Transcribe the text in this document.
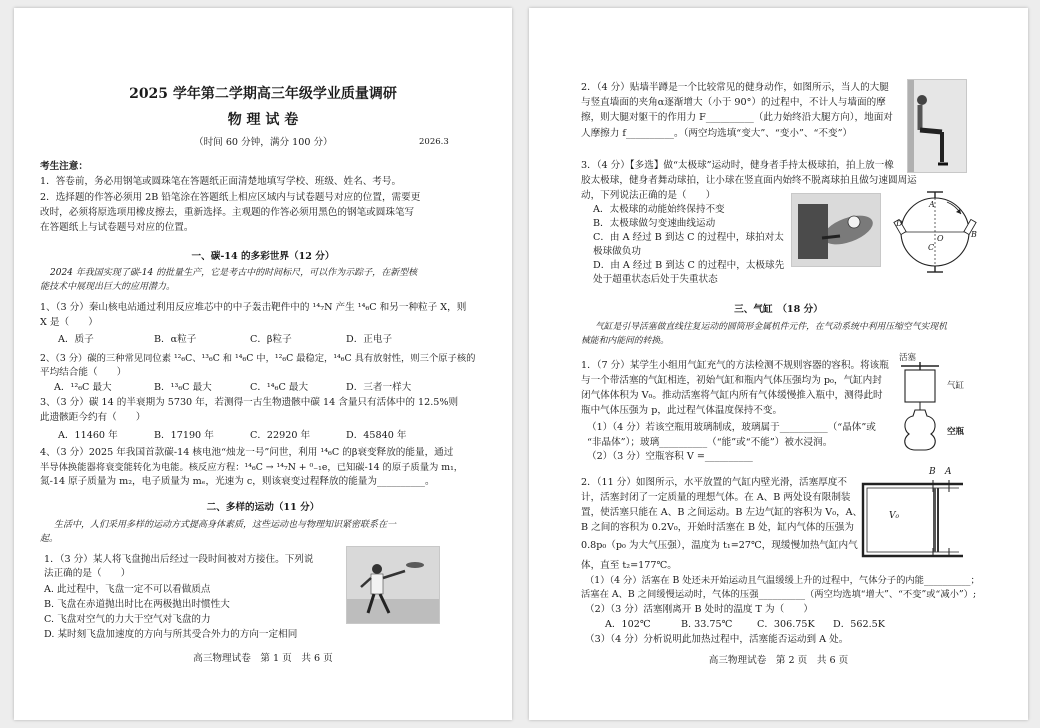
2025 学年第二学期高三年级学业质量调研
物 理 试 卷
（时间 60 分钟，满分 100 分）	2026.3
考生注意：
1．答卷前，务必用钢笔或圆珠笔在答题纸正面清楚地填写学校、班级、姓名、考号。
2．选择题的作答必须用 2B 铅笔涂在答题纸上相应区域内与试卷题号对应的位置，需要更
改时，必须将原选项用橡皮擦去，重新选择。主观题的作答必须用黑色的钢笔或圆珠笔写
在答题纸上与试卷题号对应的位置。
一、碳-14 的多彩世界（12 分）
2024 年我国实现了碳-14 的批量生产，它是考古中的时间标尺，可以作为示踪子，在新型核
能技术中展现出巨大的应用潜力。
1、（3 分）秦山核电站通过利用反应堆芯中的中子轰击靶件中的 ¹⁴₇N 产生 ¹⁴₆C 和另一种粒子 X，则
X 是（　　）
A．质子	B．α粒子	C．β粒子	D．正电子
2、（3 分）碳的三种常见同位素 ¹²₆C、¹³₆C 和 ¹⁴₆C 中，¹²₆C 最稳定，¹⁴₆C 具有放射性，则三个原子核的
平均结合能（　　）
A．¹²₆C 最大	B．¹³₆C 最大	C．¹⁴₆C 最大	D．三者一样大
3、（3 分）碳 14 的半衰期为 5730 年，若测得一古生物遗骸中碳 14 含量只有活体中的 12.5%则
此遗骸距今约有（　　）
A．11460 年	B．17190 年	C．22920 年	D．45840 年
4、（3 分）2025 年我国首款碳-14 核电池“烛龙一号”问世，利用 ¹⁴₆C 的β衰变释放的能量，通过
半导体换能器将衰变能转化为电能。核反应方程：¹⁴₆C → ¹⁴₇N + ⁰₋₁e，已知碳-14 的原子质量为 m₁，
氮-14 原子质量为 m₂，电子质量为 mₑ，光速为 c，则该衰变过程释放的能量为__________。
二、多样的运动（11 分）
生活中，人们采用多样的运动方式提高身体素质，这些运动也与物理知识紧密联系在一
起。
1．（3 分）某人将飞盘抛出后经过一段时间被对方接住。下列说
法正确的是（　　）
A. 此过程中，飞盘一定不可以看做质点
B. 飞盘在赤道抛出时比在两极抛出时惯性大
C. 飞盘对空气的力大于空气对飞盘的力
D. 某时刻飞盘加速度的方向与所其受合外力的方向一定相同
高三物理试卷　第 1 页　共 6 页
2．（4 分）贴墙半蹲是一个比较常见的健身动作，如图所示，当人的大腿
与竖直墙面的夹角α逐渐增大（小于 90°）的过程中，不计人与墙面的摩
擦，则大腿对躯干的作用力 F__________（此力始终沿大腿方向），地面对
人摩擦力 f__________。（两空均选填“变大”、“变小”、“不变”）
3．（4 分）【多选】做“太极球”运动时，健身者手持太极球拍，拍上放一橡
胶太极球，健身者舞动球拍，让小球在竖直面内始终不脱离球拍且做匀速圆周运
动，下列说法正确的是（　　）
A．太极球的动能始终保持不变
B．太极球做匀变速曲线运动
C．由 A 经过 B 到达 C 的过程中，球拍对太
极球做负功
D．由 A 经过 B 到达 C 的过程中，太极球先
处于超重状态后处于失重状态
A
B
C
D
O
三、气缸　（18 分）
气缸是引导活塞做直线往复运动的圆筒形金属机件元件，在气动系统中利用压缩空气实现机
械能和内能间的转换。
1．（7 分）某学生小组用气缸充气的方法检测不规则容器的容积。将该瓶
与一个带活塞的气缸相连，初始气缸和瓶内气体压强均为 p₀，气缸内封
闭气体体积为 V₀。推动活塞将气缸内所有气体缓慢推入瓶中，测得此时
瓶中气体压强为 p，此过程气体温度保持不变。
（1）（4 分）若该空瓶用玻璃制成，玻璃属于__________（“晶体”或
“非晶体”）；玻璃__________（“能”或“不能”）被水浸润。
（2）（3 分）空瓶容积 V =__________
活塞
气缸
空瓶
2．（11 分）如图所示，水平放置的气缸内壁光滑，活塞厚度不
计，活塞封闭了一定质量的理想气体。在 A、B 两处设有限制装
置，使活塞只能在 A、B 之间运动。B 左边气缸的容积为 V₀，A、
B 之间的容积为 0.2V₀，开始时活塞在 B 处，缸内气体的压强为
0.8p₀（p₀ 为大气压强），温度为 t₁=27℃，现缓慢加热气缸内气
体，直至 t₂=177℃。
（1）（4 分）活塞在 B 处还未开始运动且气温缓缓上升的过程中，气体分子的内能__________；
活塞在 A、B 之间缓慢运动时，气体的压强__________（两空均选填“增大”、“不变”或“减小”）;
（2）（3 分）活塞刚离开 B 处时的温度 T 为（　　）
A．102℃	B. 33.75℃	C．306.75K D．562.5K
（3）（4 分）分析说明此加热过程中，活塞能否运动到 A 处。
B A
V₀
高三物理试卷　第 2 页　共 6 页
